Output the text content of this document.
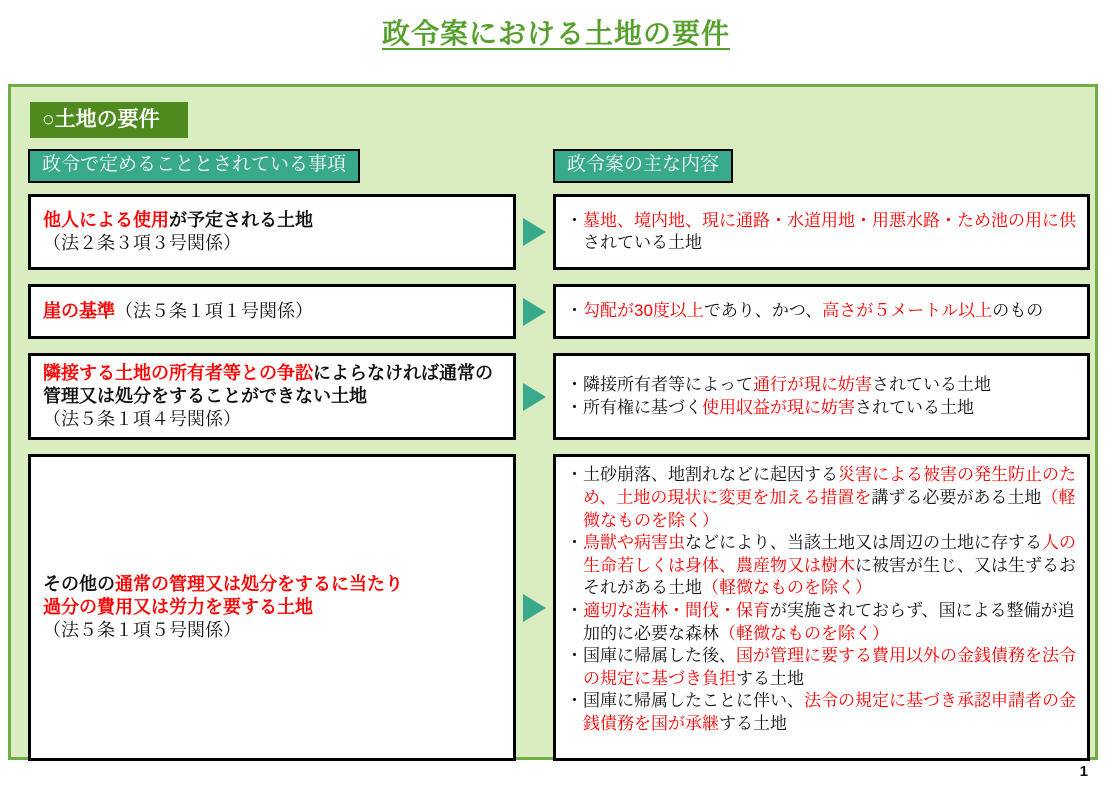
政令案における土地の要件
○土地の要件
政令で定めることとされている事項	政令案の主な内容
他人による使用が予定される土地
（法２条３項３号関係）
・墓地、境内地、現に通路・水道用地・用悪水路・ため池の用に供されている土地
崖の基準（法５条１項１号関係）	・勾配が30度以上であり、かつ、高さが５メートル以上のもの
隣接する土地の所有者等との争訟によらなければ通常の管理又は処分をすることができない土地
（法５条１項４号関係）
・隣接所有者等によって通行が現に妨害されている土地
・所有権に基づく使用収益が現に妨害されている土地
その他の通常の管理又は処分をするに当たり
過分の費用又は労力を要する土地
（法５条１項５号関係）
・土砂崩落、地割れなどに起因する災害による被害の発生防止のため、土地の現状に変更を加える措置を講ずる必要がある土地（軽微なものを除く）
・鳥獣や病害虫などにより、当該土地又は周辺の土地に存する人の生命若しくは身体、農産物又は樹木に被害が生じ、又は生ずるおそれがある土地（軽微なものを除く）
・適切な造林・間伐・保育が実施されておらず、国による整備が追加的に必要な森林（軽微なものを除く）
・国庫に帰属した後、国が管理に要する費用以外の金銭債務を法令の規定に基づき負担する土地
・国庫に帰属したことに伴い、法令の規定に基づき承認申請者の金銭債務を国が承継する土地
1
